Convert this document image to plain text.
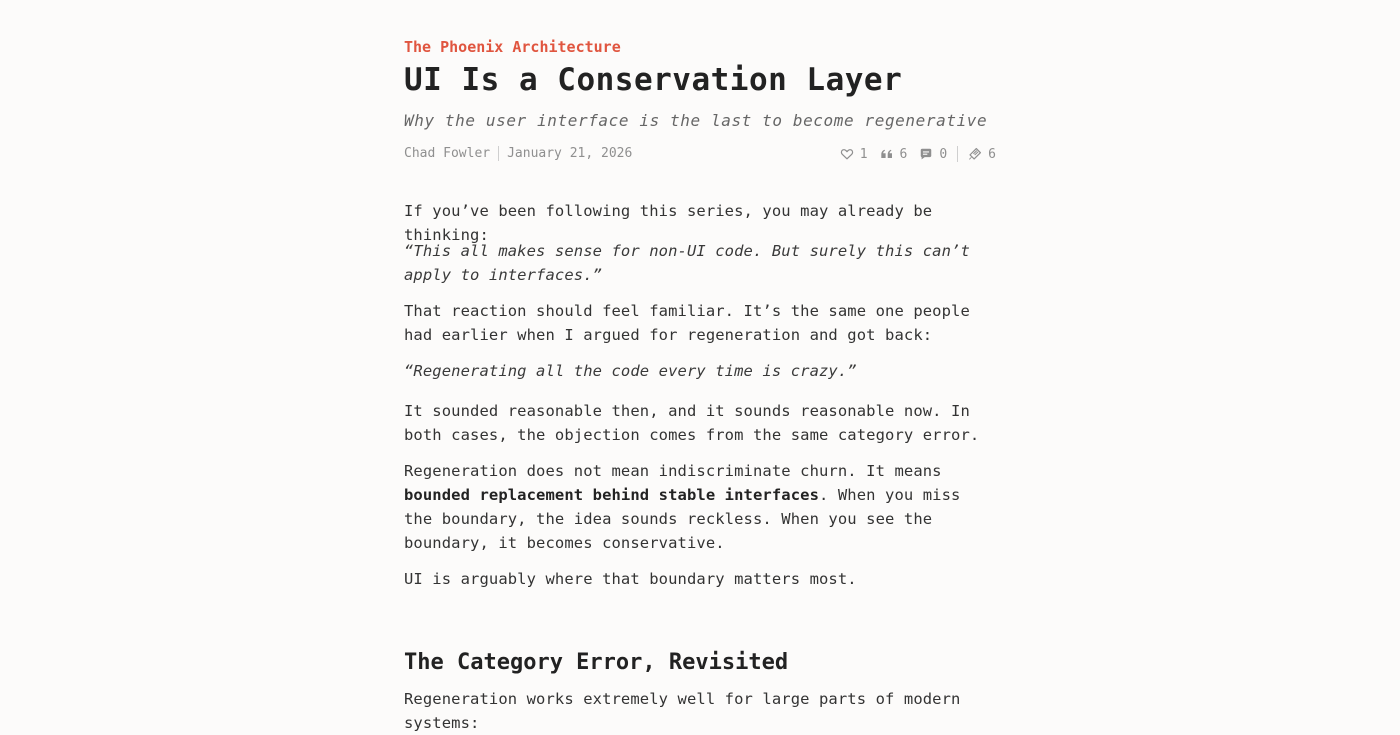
The Phoenix Architecture
UI Is a Conservation Layer

Why the user interface is the last to become regenerative

Chad Fowler January 21, 2026	1 6 0	6

If you’ve been following this series, you may already be thinking:

“This all makes sense for non-UI code. But surely this can’t apply to interfaces.”

That reaction should feel familiar. It’s the same one people had earlier when I argued for regeneration and got back:

“Regenerating all the code every time is crazy.”

It sounded reasonable then, and it sounds reasonable now. In both cases, the objection comes from the same category error.

Regeneration does not mean indiscriminate churn. It means bounded replacement behind stable interfaces. When you miss the boundary, the idea sounds reckless. When you see the boundary, it becomes conservative.

UI is arguably where that boundary matters most.

The Category Error, Revisited

Regeneration works extremely well for large parts of modern systems:
